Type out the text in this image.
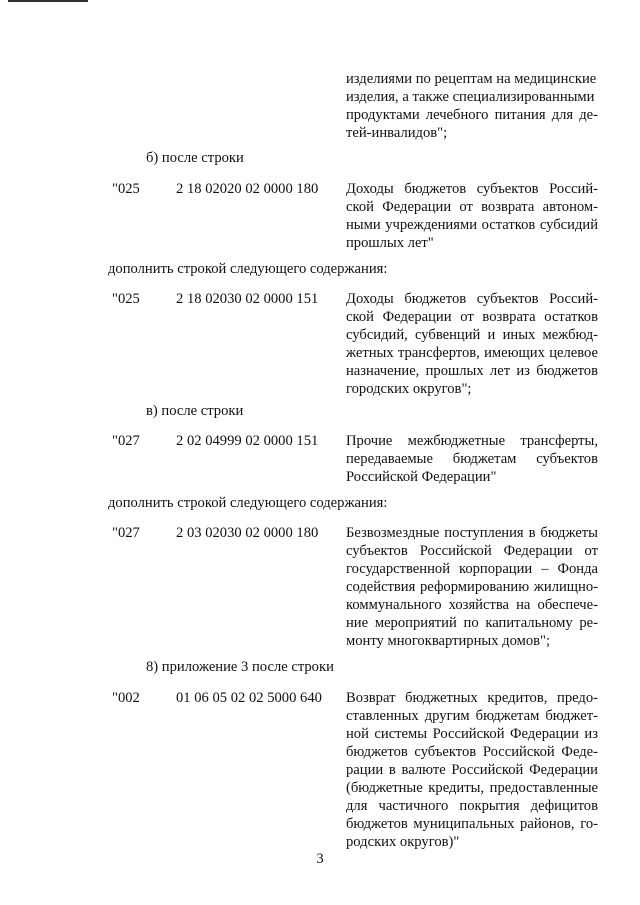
изделиями по рецептам на медицинские
изделия, а также специализированными
продуктами лечебного питания для де-
тей-инвалидов";
б) после строки
"025 2 18 02020 02 0000 180 Доходы бюджетов субъектов Россий-
ской Федерации от возврата автоном-
ными учреждениями остатков субсидий
прошлых лет"
дополнить строкой следующего содержания:
"025 2 18 02030 02 0000 151 Доходы бюджетов субъектов Россий-
ской Федерации от возврата остатков
субсидий, субвенций и иных межбюд-
жетных трансфертов, имеющих целевое
назначение, прошлых лет из бюджетов
городских округов";
в) после строки
"027 2 02 04999 02 0000 151 Прочие межбюджетные трансферты,
передаваемые бюджетам субъектов
Российской Федерации"
дополнить строкой следующего содержания:
"027 2 03 02030 02 0000 180 Безвозмездные поступления в бюджеты
субъектов Российской Федерации от
государственной корпорации – Фонда
содействия реформированию жилищно-
коммунального хозяйства на обеспече-
ние мероприятий по капитальному ре-
монту многоквартирных домов";
8) приложение 3 после строки
"002 01 06 05 02 02 5000 640 Возврат бюджетных кредитов, предо-
ставленных другим бюджетам бюджет-
ной системы Российской Федерации из
бюджетов субъектов Российской Феде-
рации в валюте Российской Федерации
(бюджетные кредиты, предоставленные
для частичного покрытия дефицитов
бюджетов муниципальных районов, го-
родских округов)"
3
